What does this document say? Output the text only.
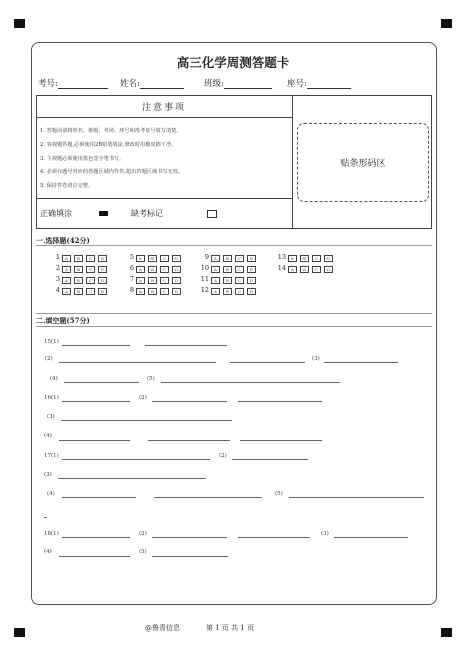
高三化学周测答题卡
考号:	姓名:	班级:	座号:
注意事项
1. 答题前请将姓名、班级、考场、座号和准考证号填写清楚。
2. 客观题答题,必须使用2B铅笔填涂,修改时用橡皮擦干净。
3. 主观题必须使用黑色签字笔书写。
4. 必须在题号对应的答题区域内作答,超出答题区域书写无效。
5. 保持答卷清洁完整。
正确填涂	缺考标记
贴条形码区
一.选择题(42分)
1	A	B	C	D	5	A	B	C	D	9	A	B	C	D	13	A	B	C	D
2	A	B	C	D	6	A	B	C	D	10	A	B	C	D	14	A	B	C	D
3	A	B	C	D	7	A	B	C	D	11	A	B	C	D
4	A	B	C	D	8	A	B	C	D	12	A	B	C	D
二.填空题(57分)
15(1)
(2)	(3)
(4)	(5)
16(1)	(2)
(3)
(4)
17(1)	(2)
(3)
(4)	(5)
18(1)	(2)	(3)
(4)	(5)
@鲁青信息	第 1 页 共 1 页
